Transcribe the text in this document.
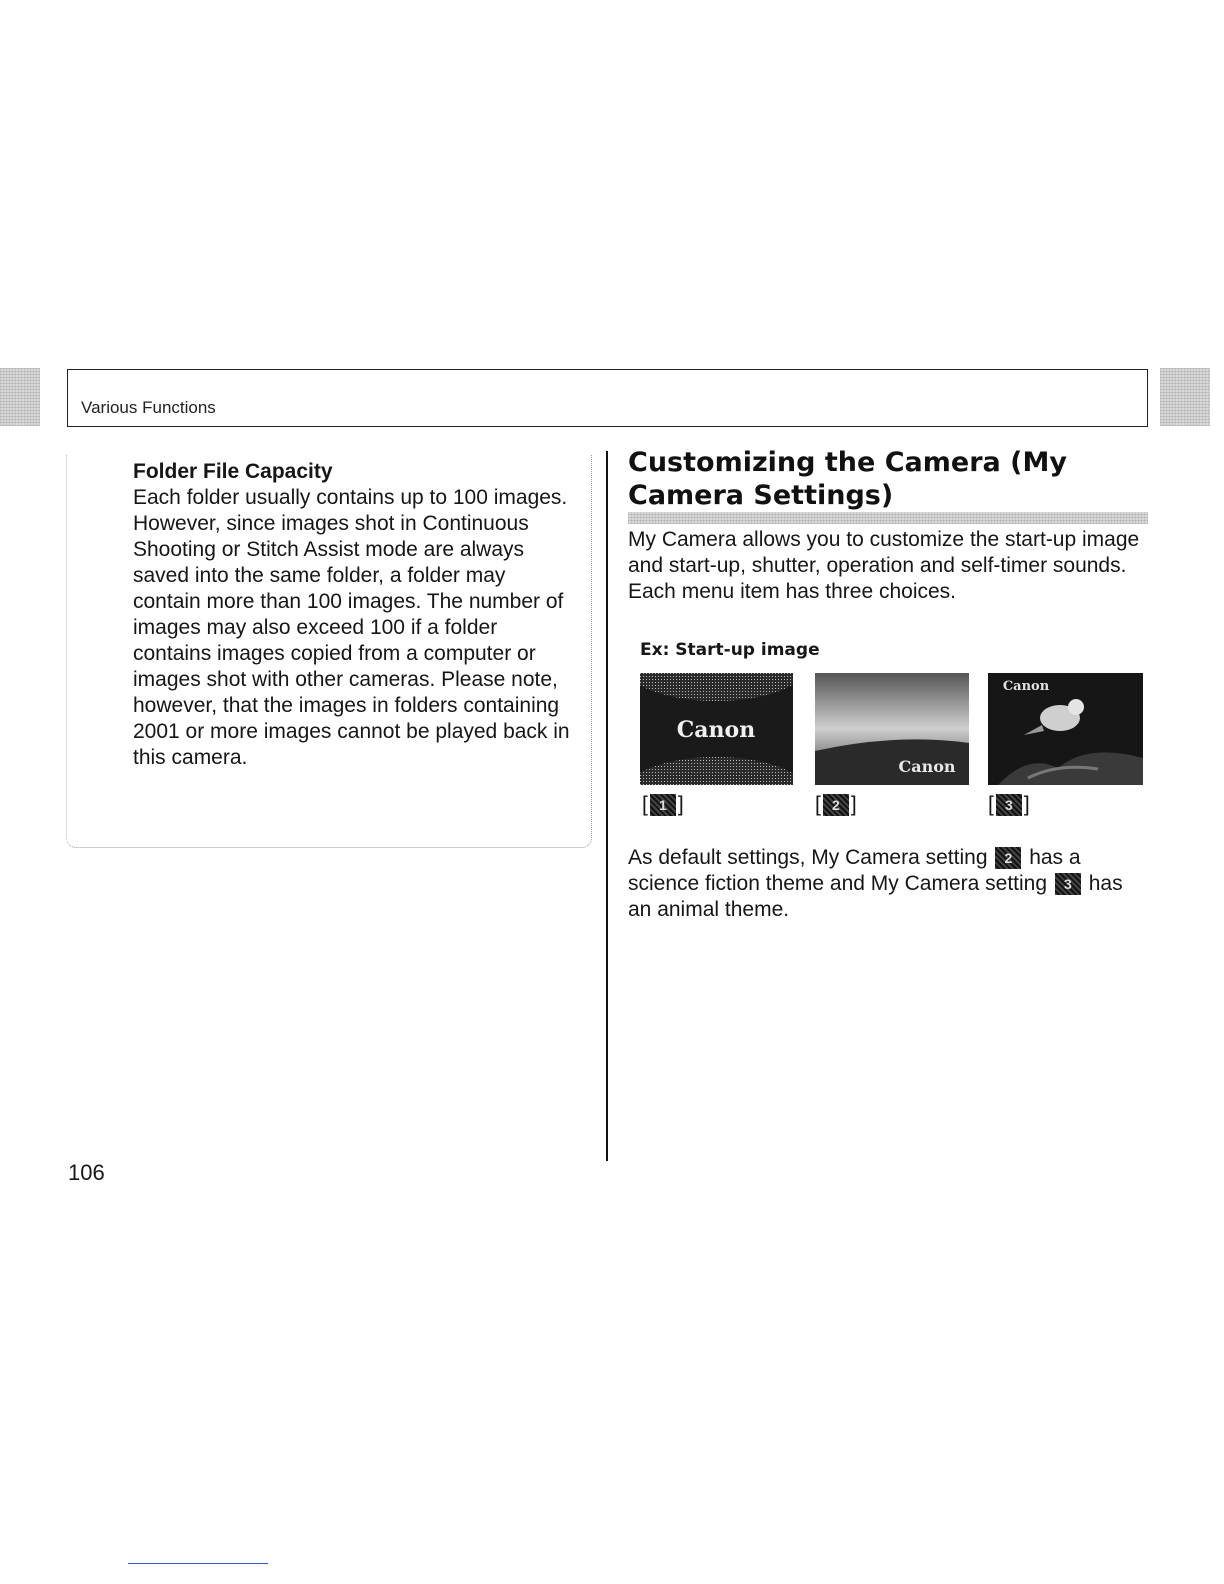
Various Functions
Folder File Capacity

Each folder usually contains up to 100 images. However, since images shot in Continuous Shooting or Stitch Assist mode are always saved into the same folder, a folder may contain more than 100 images. The number of images may also exceed 100 if a folder contains images copied from a computer or images shot with other cameras. Please note, however, that the images in folders containing 2001 or more images cannot be played back in this camera.

Customizing the Camera (My Camera Settings)

My Camera allows you to customize the start-up image and start-up, shutter, operation and self-timer sounds. Each menu item has three choices.

Ex: Start-up image
Canon
Canon
Canon
[ 1 ]	[ 2 ]	[ 3 ]

As default settings, My Camera setting 2 has a science fiction theme and My Camera setting 3 has an animal theme.

106
